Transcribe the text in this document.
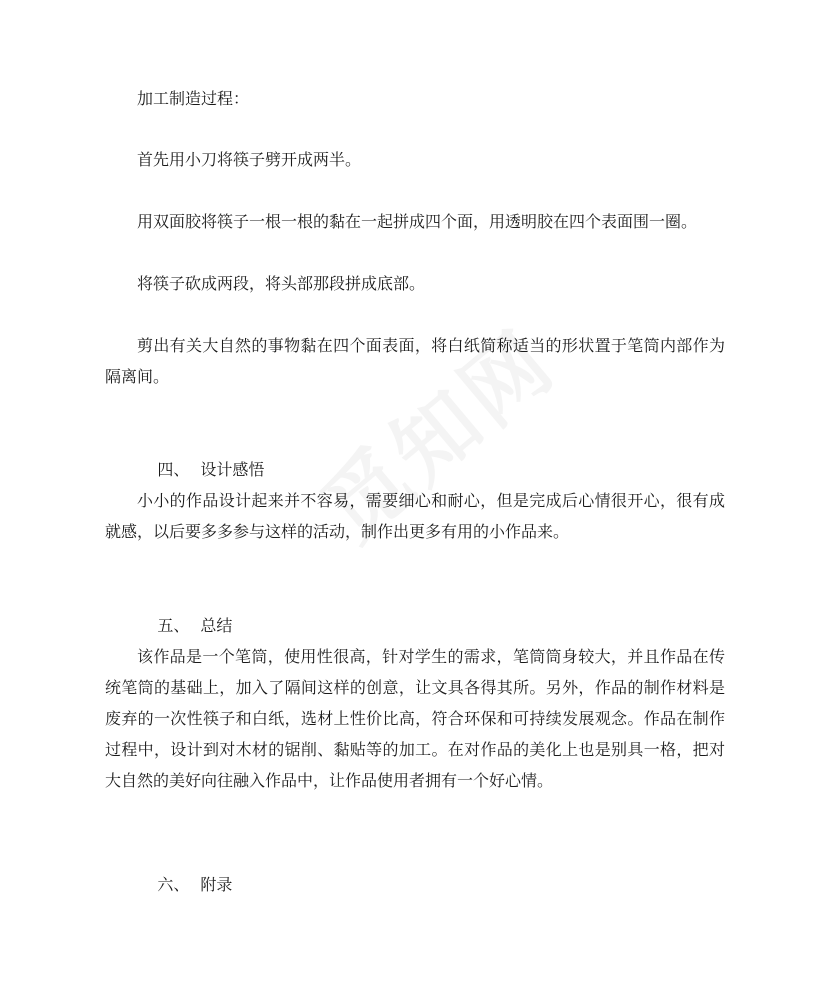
加工制造过程：

首先用小刀将筷子劈开成两半。

用双面胶将筷子一根一根的黏在一起拼成四个面，用透明胶在四个表面围一圈。

将筷子砍成两段，将头部那段拼成底部。

剪出有关大自然的事物黏在四个面表面，将白纸简称适当的形状置于笔筒内部作为隔离间。

四、 设计感悟

小小的作品设计起来并不容易，需要细心和耐心，但是完成后心情很开心，很有成就感，以后要多多参与这样的活动，制作出更多有用的小作品来。

五、 总结

该作品是一个笔筒，使用性很高，针对学生的需求，笔筒筒身较大，并且作品在传统笔筒的基础上，加入了隔间这样的创意，让文具各得其所。另外，作品的制作材料是废弃的一次性筷子和白纸，选材上性价比高，符合环保和可持续发展观念。作品在制作过程中，设计到对木材的锯削、黏贴等的加工。在对作品的美化上也是别具一格，把对大自然的美好向往融入作品中，让作品使用者拥有一个好心情。

六、 附录
